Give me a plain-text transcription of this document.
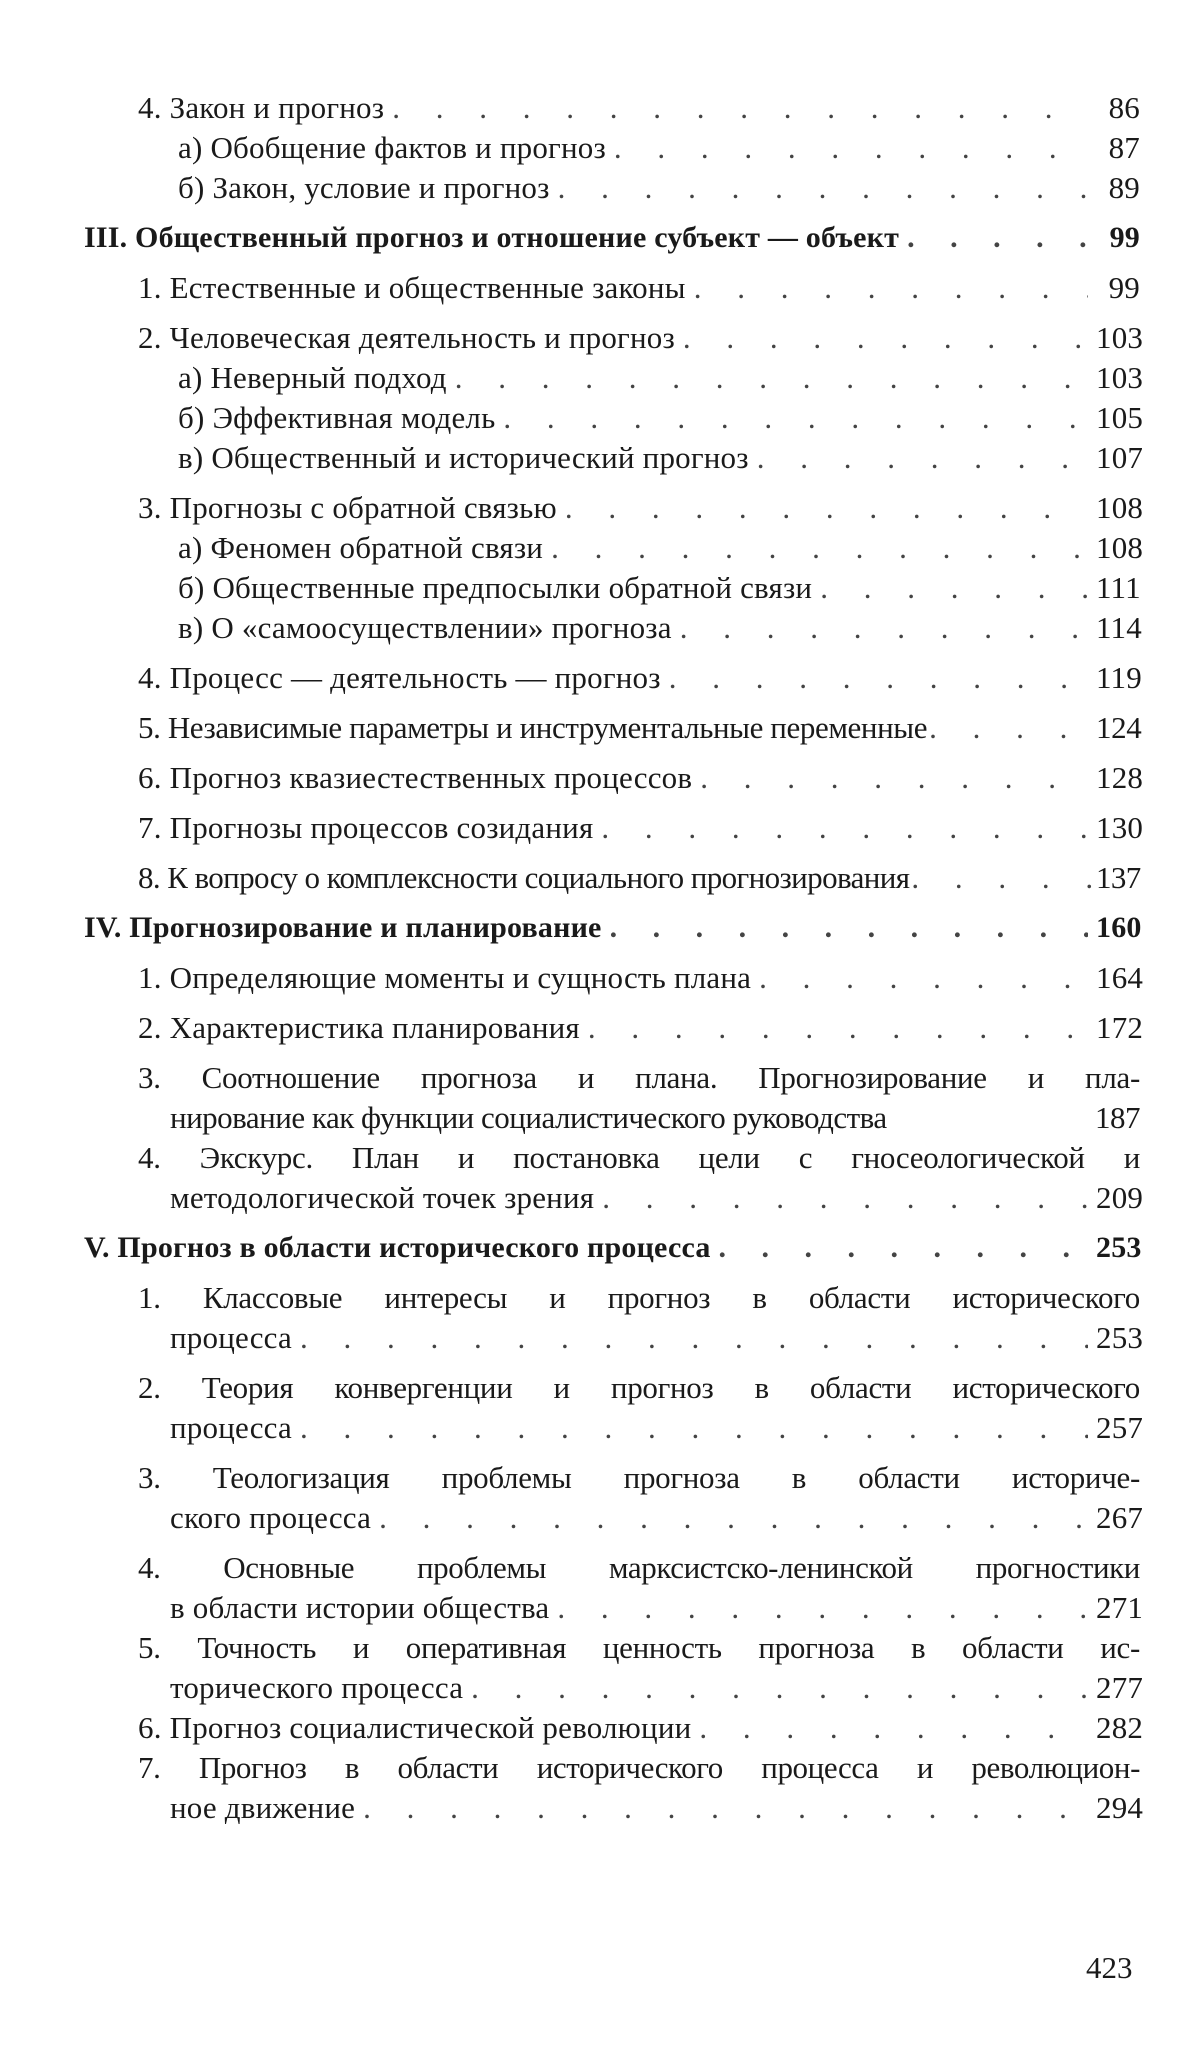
4. Закон и прогноз . . .	86
а) Обобщение фактов и прогноз . . .	87
б) Закон, условие и прогноз . . .	89
III. Общественный прогноз и отношение субъект — объект . . .	99
1. Естественные и общественные законы . . .	99
2. Человеческая деятельность и прогноз . . .	103
а) Неверный подход . . .	103
б) Эффективная модель . . .	105
в) Общественный и исторический прогноз . . .	107
3. Прогнозы с обратной связью . . .	108
а) Феномен обратной связи . . .	108
б) Общественные предпосылки обратной связи . . .	111
в) О «самоосуществлении» прогноза . . .	114
4. Процесс — деятельность — прогноз . . .	119
5. Независимые параметры и инструментальные переменные . . .	124
6. Прогноз квазиестественных процессов . . .	128
7. Прогнозы процессов созидания . . .	130
8. К вопросу о комплексности социального прогнозирования . . .	137
IV. Прогнозирование и планирование . . .	160
1. Определяющие моменты и сущность плана . . .	164
2. Характеристика планирования . . .	172
3. Соотношение прогноза и плана. Прогнозирование и пла-
нирование как функции социалистического руководства	187
4. Экскурс. План и постановка цели с гносеологической и
методологической точек зрения . . .	209
V. Прогноз в области исторического процесса . . .	253
1. Классовые интересы и прогноз в области исторического
процесса . . .	253
2. Теория конвергенции и прогноз в области исторического
процесса . . .	257
3. Теологизация проблемы прогноза в области историче-
ского процесса . . .	267
4. Основные проблемы марксистско-ленинской прогностики
в области истории общества . . .	271
5. Точность и оперативная ценность прогноза в области ис-
торического процесса . . .	277
6. Прогноз социалистической революции . . .	282
7. Прогноз в области исторического процесса и революцион-
ное движение . . .	294
423
